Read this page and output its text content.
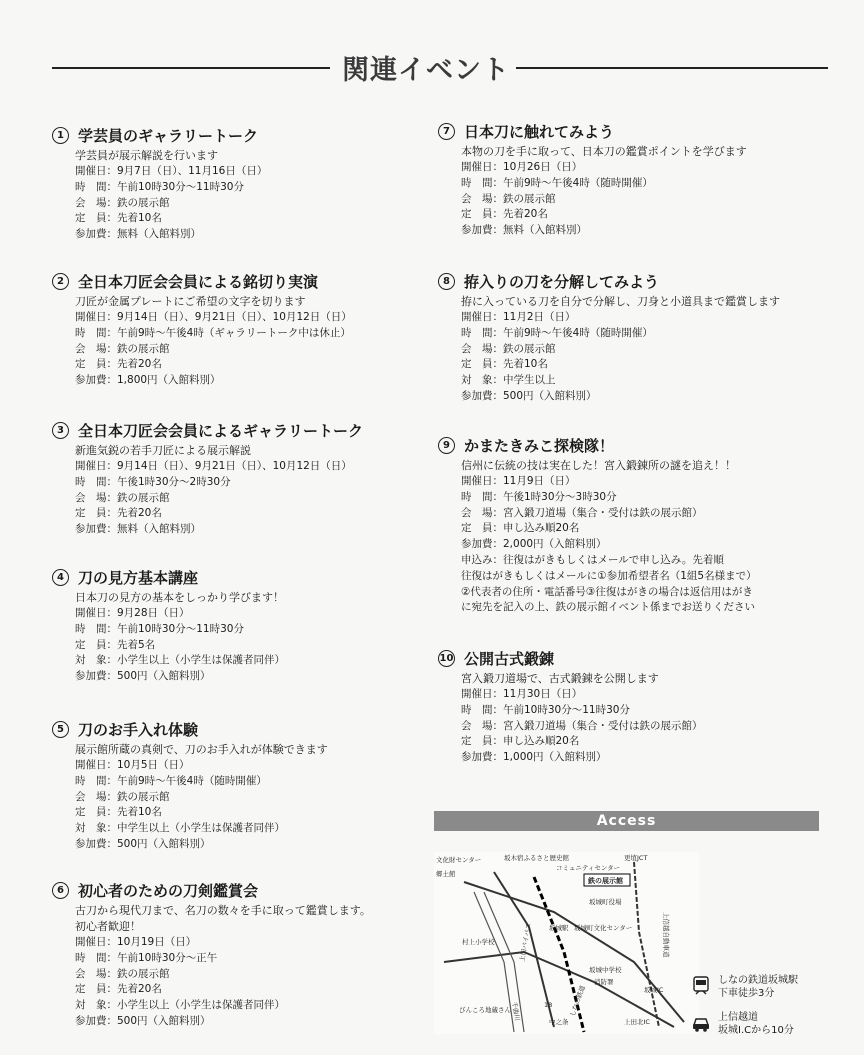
関連イベント
1 学芸員のギャラリートーク
学芸員が展示解説を行います
開催日： 9月7日（日）、11月16日（日）
時　間： 午前10時30分〜11時30分
会　場： 鉄の展示館
定　員： 先着10名
参加費： 無料（入館料別）
2 全日本刀匠会会員による銘切り実演
刀匠が金属プレートにご希望の文字を切ります
開催日： 9月14日（日）、9月21日（日）、10月12日（日）
時　間： 午前9時〜午後4時（ギャラリートーク中は休止）
会　場： 鉄の展示館
定　員： 先着20名
参加費： 1,800円（入館料別）
3 全日本刀匠会会員によるギャラリートーク
新進気鋭の若手刀匠による展示解説
開催日： 9月14日（日）、9月21日（日）、10月12日（日）
時　間： 午後1時30分〜2時30分
会　場： 鉄の展示館
定　員： 先着20名
参加費： 無料（入館料別）
4 刀の見方基本講座
日本刀の見方の基本をしっかり学びます！
開催日： 9月28日（日）
時　間： 午前10時30分〜11時30分
定　員： 先着5名
対　象： 小学生以上（小学生は保護者同伴）
参加費： 500円（入館料別）
5 刀のお手入れ体験
展示館所蔵の真剣で、刀のお手入れが体験できます
開催日： 10月5日（日）
時　間： 午前9時〜午後4時（随時開催）
会　場： 鉄の展示館
定　員： 先着10名
対　象： 中学生以上（小学生は保護者同伴）
参加費： 500円（入館料別）
6 初心者のための刀剣鑑賞会
古刀から現代刀まで、名刀の数々を手に取って鑑賞します。
初心者歓迎！
開催日： 10月19日（日）
時　間： 午前10時30分〜正午
会　場： 鉄の展示館
定　員： 先着20名
対　象： 小学生以上（小学生は保護者同伴）
参加費： 500円（入館料別）
7 日本刀に触れてみよう
本物の刀を手に取って、日本刀の鑑賞ポイントを学びます
開催日： 10月26日（日）
時　間： 午前9時〜午後4時（随時開催）
会　場： 鉄の展示館
定　員： 先着20名
参加費： 無料（入館料別）
8 拵入りの刀を分解してみよう
拵に入っている刀を自分で分解し、刀身と小道具まで鑑賞します
開催日： 11月2日（日）
時　間： 午前9時〜午後4時（随時開催）
会　場： 鉄の展示館
定　員： 先着10名
対　象： 中学生以上
参加費： 500円（入館料別）
9 かまたきみこ探検隊！
信州に伝統の技は実在した！宮入鍛錬所の謎を追え！！
開催日： 11月9日（日）
時　間： 午後1時30分〜3時30分
会　場： 宮入鍛刀道場（集合・受付は鉄の展示館）
定　員： 申し込み順20名
参加費： 2,000円（入館料別）
申込み：往復はがきもしくはメールで申し込み。先着順
往復はがきもしくはメールに①参加希望者名（1組5名様まで）
②代表者の住所・電話番号③往復はがきの場合は返信用はがき
に宛先を記入の上、鉄の展示館イベント係までお送りください
10 公開古式鍛錬
宮入鍛刀道場で、古式鍛錬を公開します
開催日： 11月30日（日）
時　間： 午前10時30分〜11時30分
会　場： 宮入鍛刀道場（集合・受付は鉄の展示館）
定　員： 申し込み順20名
参加費： 1,000円（入館料別）
Access
鉄の展示館
文化財センター
郷土館
坂木宿ふるさと歴史館
コミュニティセンター
更埴JCT
上信越自動車道
坂城駅
しなの鉄道
坂城町役場
坂城町文化センター
坂城中学校
消防署
坂城IC
村上小学校
18
上田バイパス
千曲川
びんころ地蔵さん
中之条	上田北IC
しなの鉄道坂城駅
下車徒歩3分
上信越道
坂城I.Cから10分
